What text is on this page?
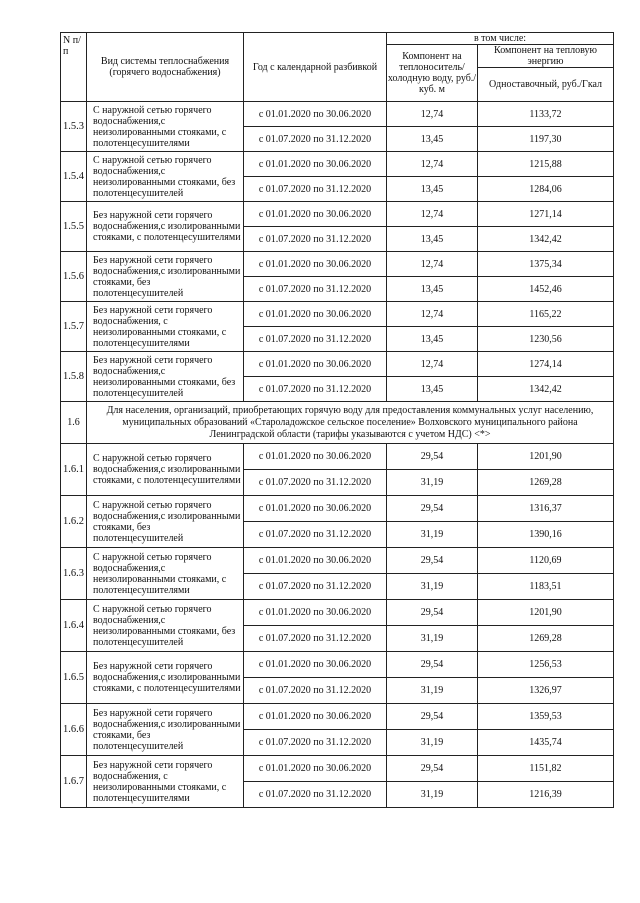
N п/п	Вид системы теплоснабжения (горячего водоснабжения)	Год с календарной разбивкой	в том числе:	
			Компонент на теплоноситель/холодную воду, руб./куб. м	Компонент на тепловую энергию
				Одноставочный, руб./Гкал
1.5.3	С наружной сетью горячего водоснабжения,с неизолированными стояками, с полотенцесушителями	с 01.01.2020 по 30.06.2020	12,74	1133,72
		с 01.07.2020 по 31.12.2020	13,45	1197,30
1.5.4	С наружной сетью горячего водоснабжения,с неизолированными стояками, без полотенцесушителей	с 01.01.2020 по 30.06.2020	12,74	1215,88
		с 01.07.2020 по 31.12.2020	13,45	1284,06
1.5.5	Без наружной сети горячего водоснабжения,с изолированными стояками, с полотенцесушителями	с 01.01.2020 по 30.06.2020	12,74	1271,14
		с 01.07.2020 по 31.12.2020	13,45	1342,42
1.5.6	Без наружной сети горячего водоснабжения,с изолированными стояками, без полотенцесушителей	с 01.01.2020 по 30.06.2020	12,74	1375,34
		с 01.07.2020 по 31.12.2020	13,45	1452,46
1.5.7	Без наружной сети горячего водоснабжения, с неизолированными стояками, с полотенцесушителями	с 01.01.2020 по 30.06.2020	12,74	1165,22
		с 01.07.2020 по 31.12.2020	13,45	1230,56
1.5.8	Без наружной сети горячего водоснабжения,с неизолированными стояками, без полотенцесушителей	с 01.01.2020 по 30.06.2020	12,74	1274,14
		с 01.07.2020 по 31.12.2020	13,45	1342,42
1.6	Для населения, организаций, приобретающих горячую воду для предоставления коммунальных услуг населению, муниципальных образований «Староладожское сельское поселение» Волховского муниципального района Ленинградской области (тарифы указываются с учетом НДС) <*>			
1.6.1	С наружной сетью горячего водоснабжения,с изолированными стояками, с полотенцесушителями	с 01.01.2020 по 30.06.2020	29,54	1201,90
		с 01.07.2020 по 31.12.2020	31,19	1269,28
1.6.2	С наружной сетью горячего водоснабжения,с изолированными стояками, без полотенцесушителей	с 01.01.2020 по 30.06.2020	29,54	1316,37
		с 01.07.2020 по 31.12.2020	31,19	1390,16
1.6.3	С наружной сетью горячего водоснабжения,с неизолированными стояками, с полотенцесушителями	с 01.01.2020 по 30.06.2020	29,54	1120,69
		с 01.07.2020 по 31.12.2020	31,19	1183,51
1.6.4	С наружной сетью горячего водоснабжения,с неизолированными стояками, без полотенцесушителей	с 01.01.2020 по 30.06.2020	29,54	1201,90
		с 01.07.2020 по 31.12.2020	31,19	1269,28
1.6.5	Без наружной сети горячего водоснабжения,с изолированными стояками, с полотенцесушителями	с 01.01.2020 по 30.06.2020	29,54	1256,53
		с 01.07.2020 по 31.12.2020	31,19	1326,97
1.6.6	Без наружной сети горячего водоснабжения,с изолированными стояками, без полотенцесушителей	с 01.01.2020 по 30.06.2020	29,54	1359,53
		с 01.07.2020 по 31.12.2020	31,19	1435,74
1.6.7	Без наружной сети горячего водоснабжения, с неизолированными стояками, с полотенцесушителями	с 01.01.2020 по 30.06.2020	29,54	1151,82
		с 01.07.2020 по 31.12.2020	31,19	1216,39
